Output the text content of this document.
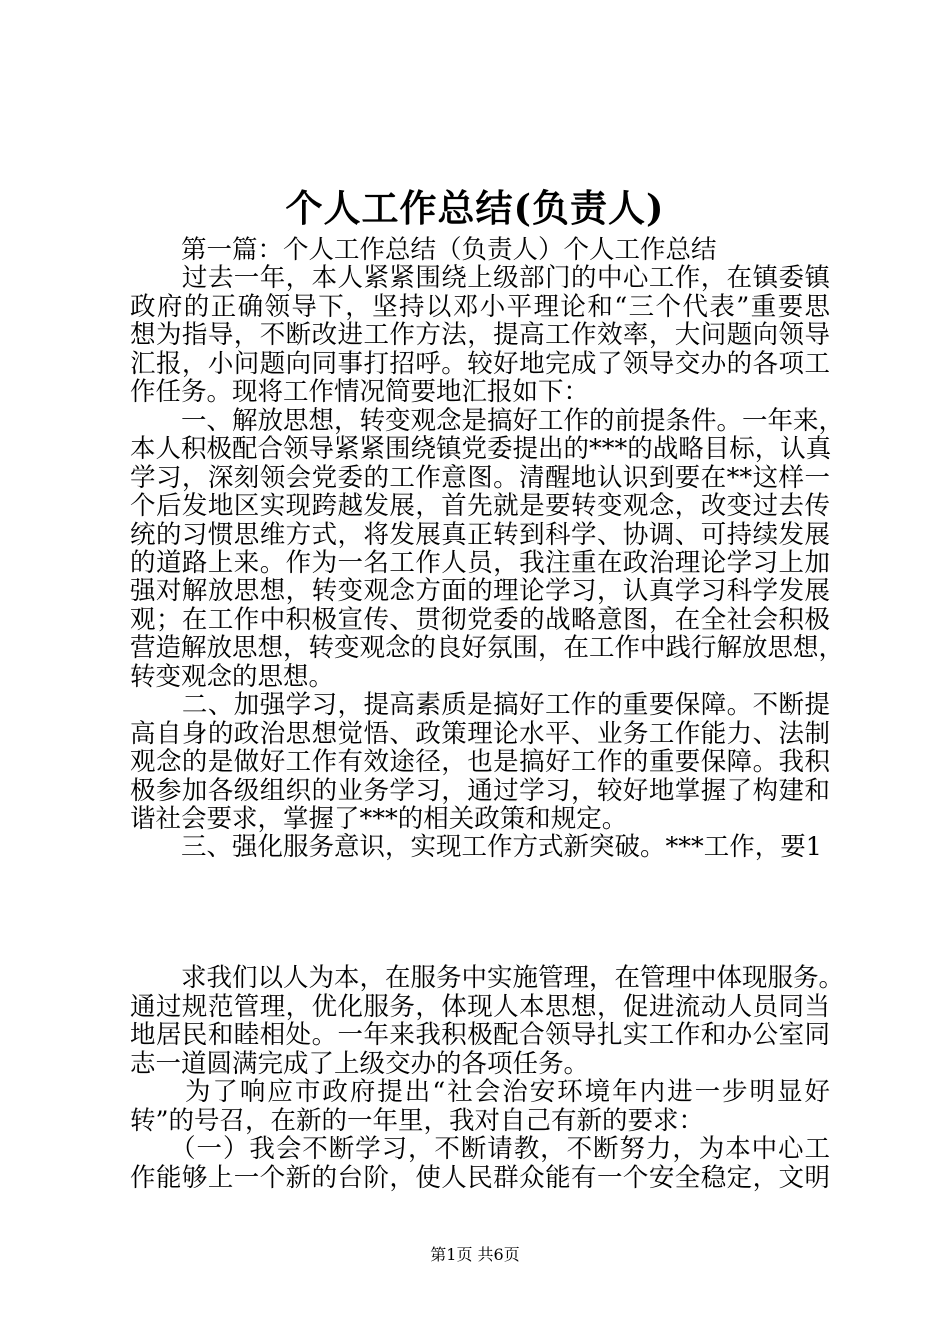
个人工作总结(负责人)
　　第一篇：个人工作总结（负责人）个人工作总结
　　过去一年，本人紧紧围绕上级部门的中心工作，在镇委镇
政府的正确领导下，坚持以邓小平理论和“三个代表”重要思
想为指导，不断改进工作方法，提高工作效率，大问题向领导
汇报，小问题向同事打招呼。较好地完成了领导交办的各项工
作任务。现将工作情况简要地汇报如下：
　　一、解放思想，转变观念是搞好工作的前提条件。一年来，
本人积极配合领导紧紧围绕镇党委提出的***的战略目标，认真
学习，深刻领会党委的工作意图。清醒地认识到要在**这样一
个后发地区实现跨越发展，首先就是要转变观念，改变过去传
统的习惯思维方式，将发展真正转到科学、协调、可持续发展
的道路上来。作为一名工作人员，我注重在政治理论学习上加
强对解放思想，转变观念方面的理论学习，认真学习科学发展
观；在工作中积极宣传、贯彻党委的战略意图，在全社会积极
营造解放思想，转变观念的良好氛围，在工作中践行解放思想，
转变观念的思想。
　　二、加强学习，提高素质是搞好工作的重要保障。不断提
高自身的政治思想觉悟、政策理论水平、业务工作能力、法制
观念的是做好工作有效途径，也是搞好工作的重要保障。我积
极参加各级组织的业务学习，通过学习，较好地掌握了构建和
谐社会要求，掌握了***的相关政策和规定。
　　三、强化服务意识，实现工作方式新突破。***工作，要1
　　求我们以人为本，在服务中实施管理，在管理中体现服务。
通过规范管理，优化服务，体现人本思想，促进流动人员同当
地居民和睦相处。一年来我积极配合领导扎实工作和办公室同
志一道圆满完成了上级交办的各项任务。
　　为了响应市政府提出“社会治安环境年内进一步明显好
转”的号召，在新的一年里，我对自己有新的要求：
　　（一）我会不断学习，不断请教，不断努力，为本中心工
作能够上一个新的台阶，使人民群众能有一个安全稳定，文明
第1页 共6页
